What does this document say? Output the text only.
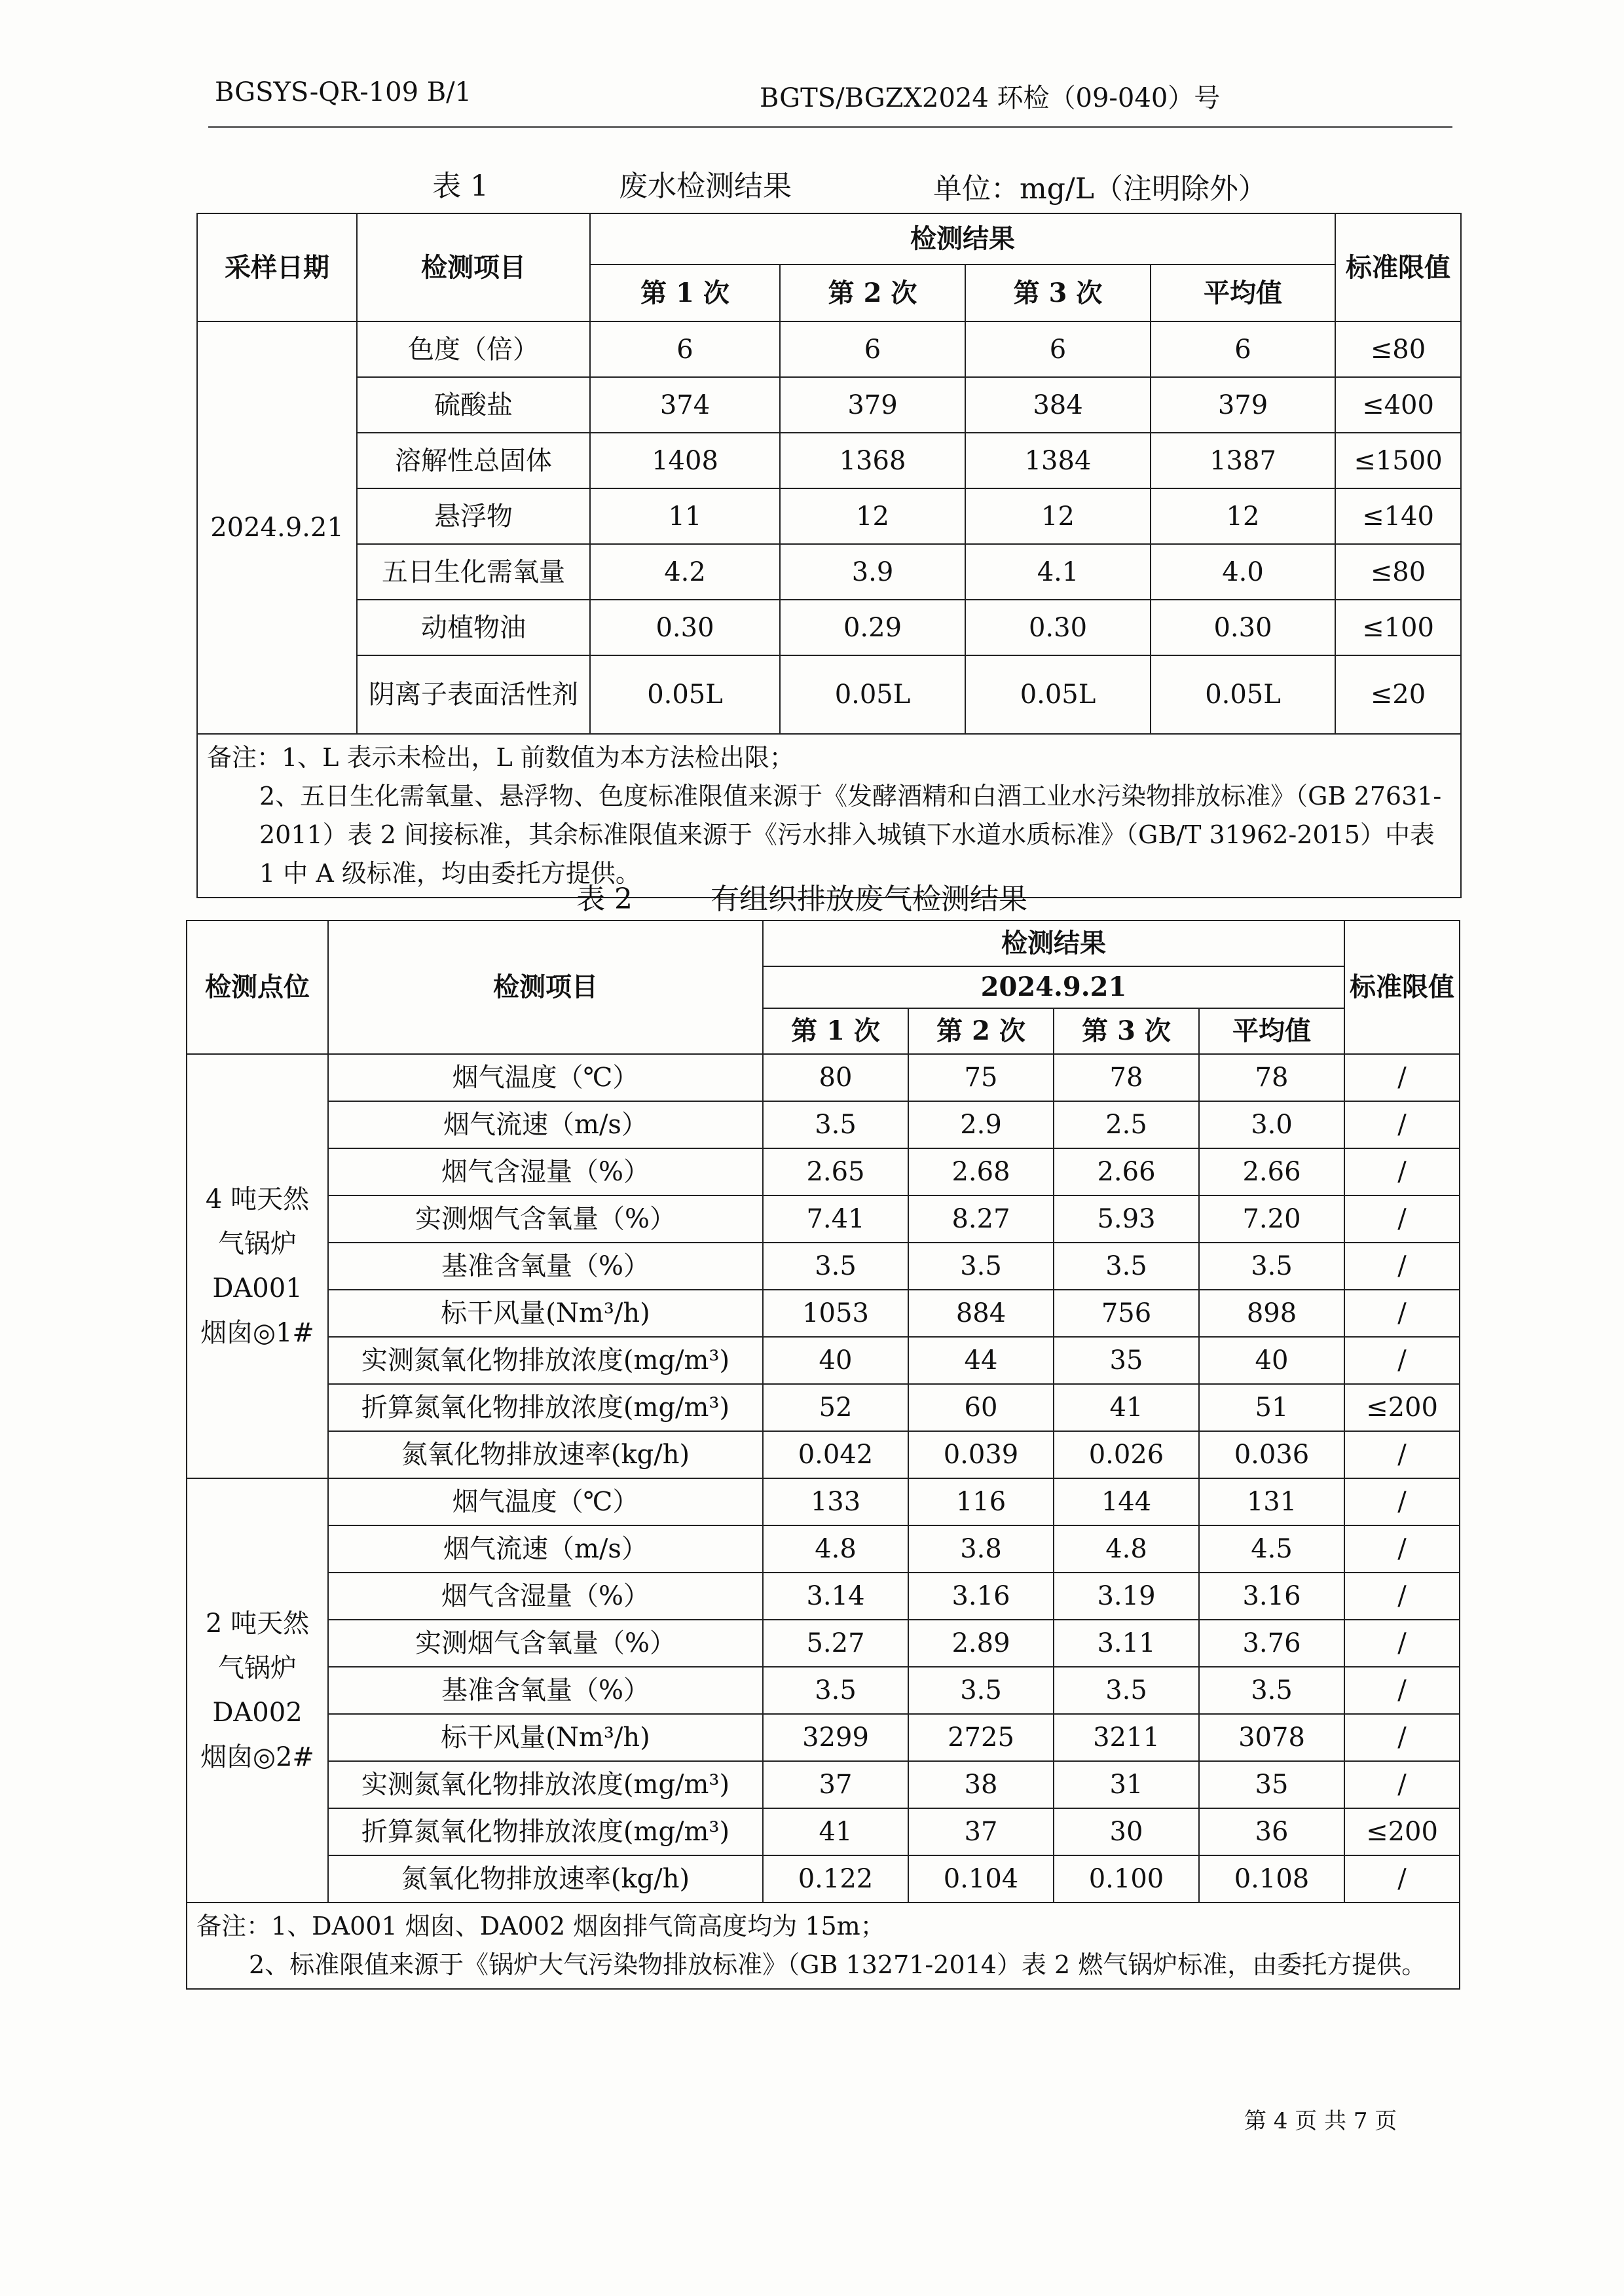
BGSYS-QR-109 B/1	BGTS/BGZX2024 环检（09-040）号
表 1	废水检测结果	单位：mg/L（注明除外）
采样日期	检测项目	检测结果				标准限值
		第 1 次	第 2 次	第 3 次	平均值	
2024.9.21	色度（倍）	6	6	6	6	≤80
	硫酸盐	374	379	384	379	≤400
	溶解性总固体	1408	1368	1384	1387	≤1500
	悬浮物	11	12	12	12	≤140
	五日生化需氧量	4.2	3.9	4.1	4.0	≤80
	动植物油	0.30	0.29	0.30	0.30	≤100
	阴离子表面活性剂	0.05L	0.05L	0.05L	0.05L	≤20

备注：1、L 表示未检出，L 前数值为本方法检出限；
2、五日生化需氧量、悬浮物、色度标准限值来源于《发酵酒精和白酒工业水污染物排放标准》（GB 27631-2011）表 2 间接标准，其余标准限值来源于《污水排入城镇下水道水质标准》（GB/T 31962-2015）中表 1 中 A 级标准，均由委托方提供。						
表 2	有组织排放废气检测结果
检测点位	检测项目	检测结果				标准限值
		2024.9.21				
		第 1 次	第 2 次	第 3 次	平均值	

4 吨天然
气锅炉
DA001
烟囱◎1#	烟气温度（℃）	80	75	78	78	/
	烟气流速（m/s）	3.5	2.9	2.5	3.0	/
	烟气含湿量（%）	2.65	2.68	2.66	2.66	/
	实测烟气含氧量（%）	7.41	8.27	5.93	7.20	/
	基准含氧量（%）	3.5	3.5	3.5	3.5	/
	标干风量(Nm³/h)	1053	884	756	898	/
	实测氮氧化物排放浓度(mg/m³)	40	44	35	40	/
	折算氮氧化物排放浓度(mg/m³)	52	60	41	51	≤200
	氮氧化物排放速率(kg/h)	0.042	0.039	0.026	0.036	/

2 吨天然
气锅炉
DA002
烟囱◎2#	烟气温度（℃）	133	116	144	131	/
	烟气流速（m/s）	4.8	3.8	4.8	4.5	/
	烟气含湿量（%）	3.14	3.16	3.19	3.16	/
	实测烟气含氧量（%）	5.27	2.89	3.11	3.76	/
	基准含氧量（%）	3.5	3.5	3.5	3.5	/
	标干风量(Nm³/h)	3299	2725	3211	3078	/
	实测氮氧化物排放浓度(mg/m³)	37	38	31	35	/
	折算氮氧化物排放浓度(mg/m³)	41	37	30	36	≤200
	氮氧化物排放速率(kg/h)	0.122	0.104	0.100	0.108	/

备注：1、DA001 烟囱、DA002 烟囱排气筒高度均为 15m；
2、标准限值来源于《锅炉大气污染物排放标准》（GB 13271-2014）表 2 燃气锅炉标准，由委托方提供。						
第 4 页 共 7 页
